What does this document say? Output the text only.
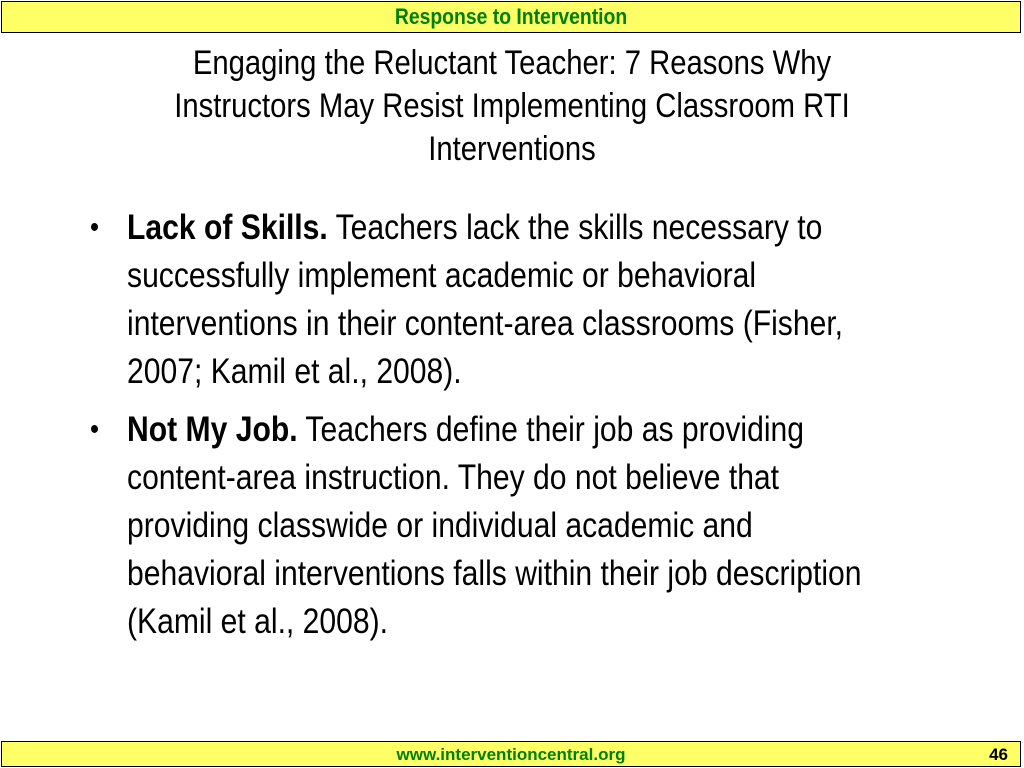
Response to Intervention
Engaging the Reluctant Teacher: 7 Reasons Why
Instructors May Resist Implementing Classroom RTI
Interventions
• Lack of Skills. Teachers lack the skills necessary to
successfully implement academic or behavioral
interventions in their content-area classrooms (Fisher,
2007; Kamil et al., 2008).
• Not My Job. Teachers define their job as providing
content-area instruction. They do not believe that
providing classwide or individual academic and
behavioral interventions falls within their job description
(Kamil et al., 2008).
www.interventioncentral.org	46
